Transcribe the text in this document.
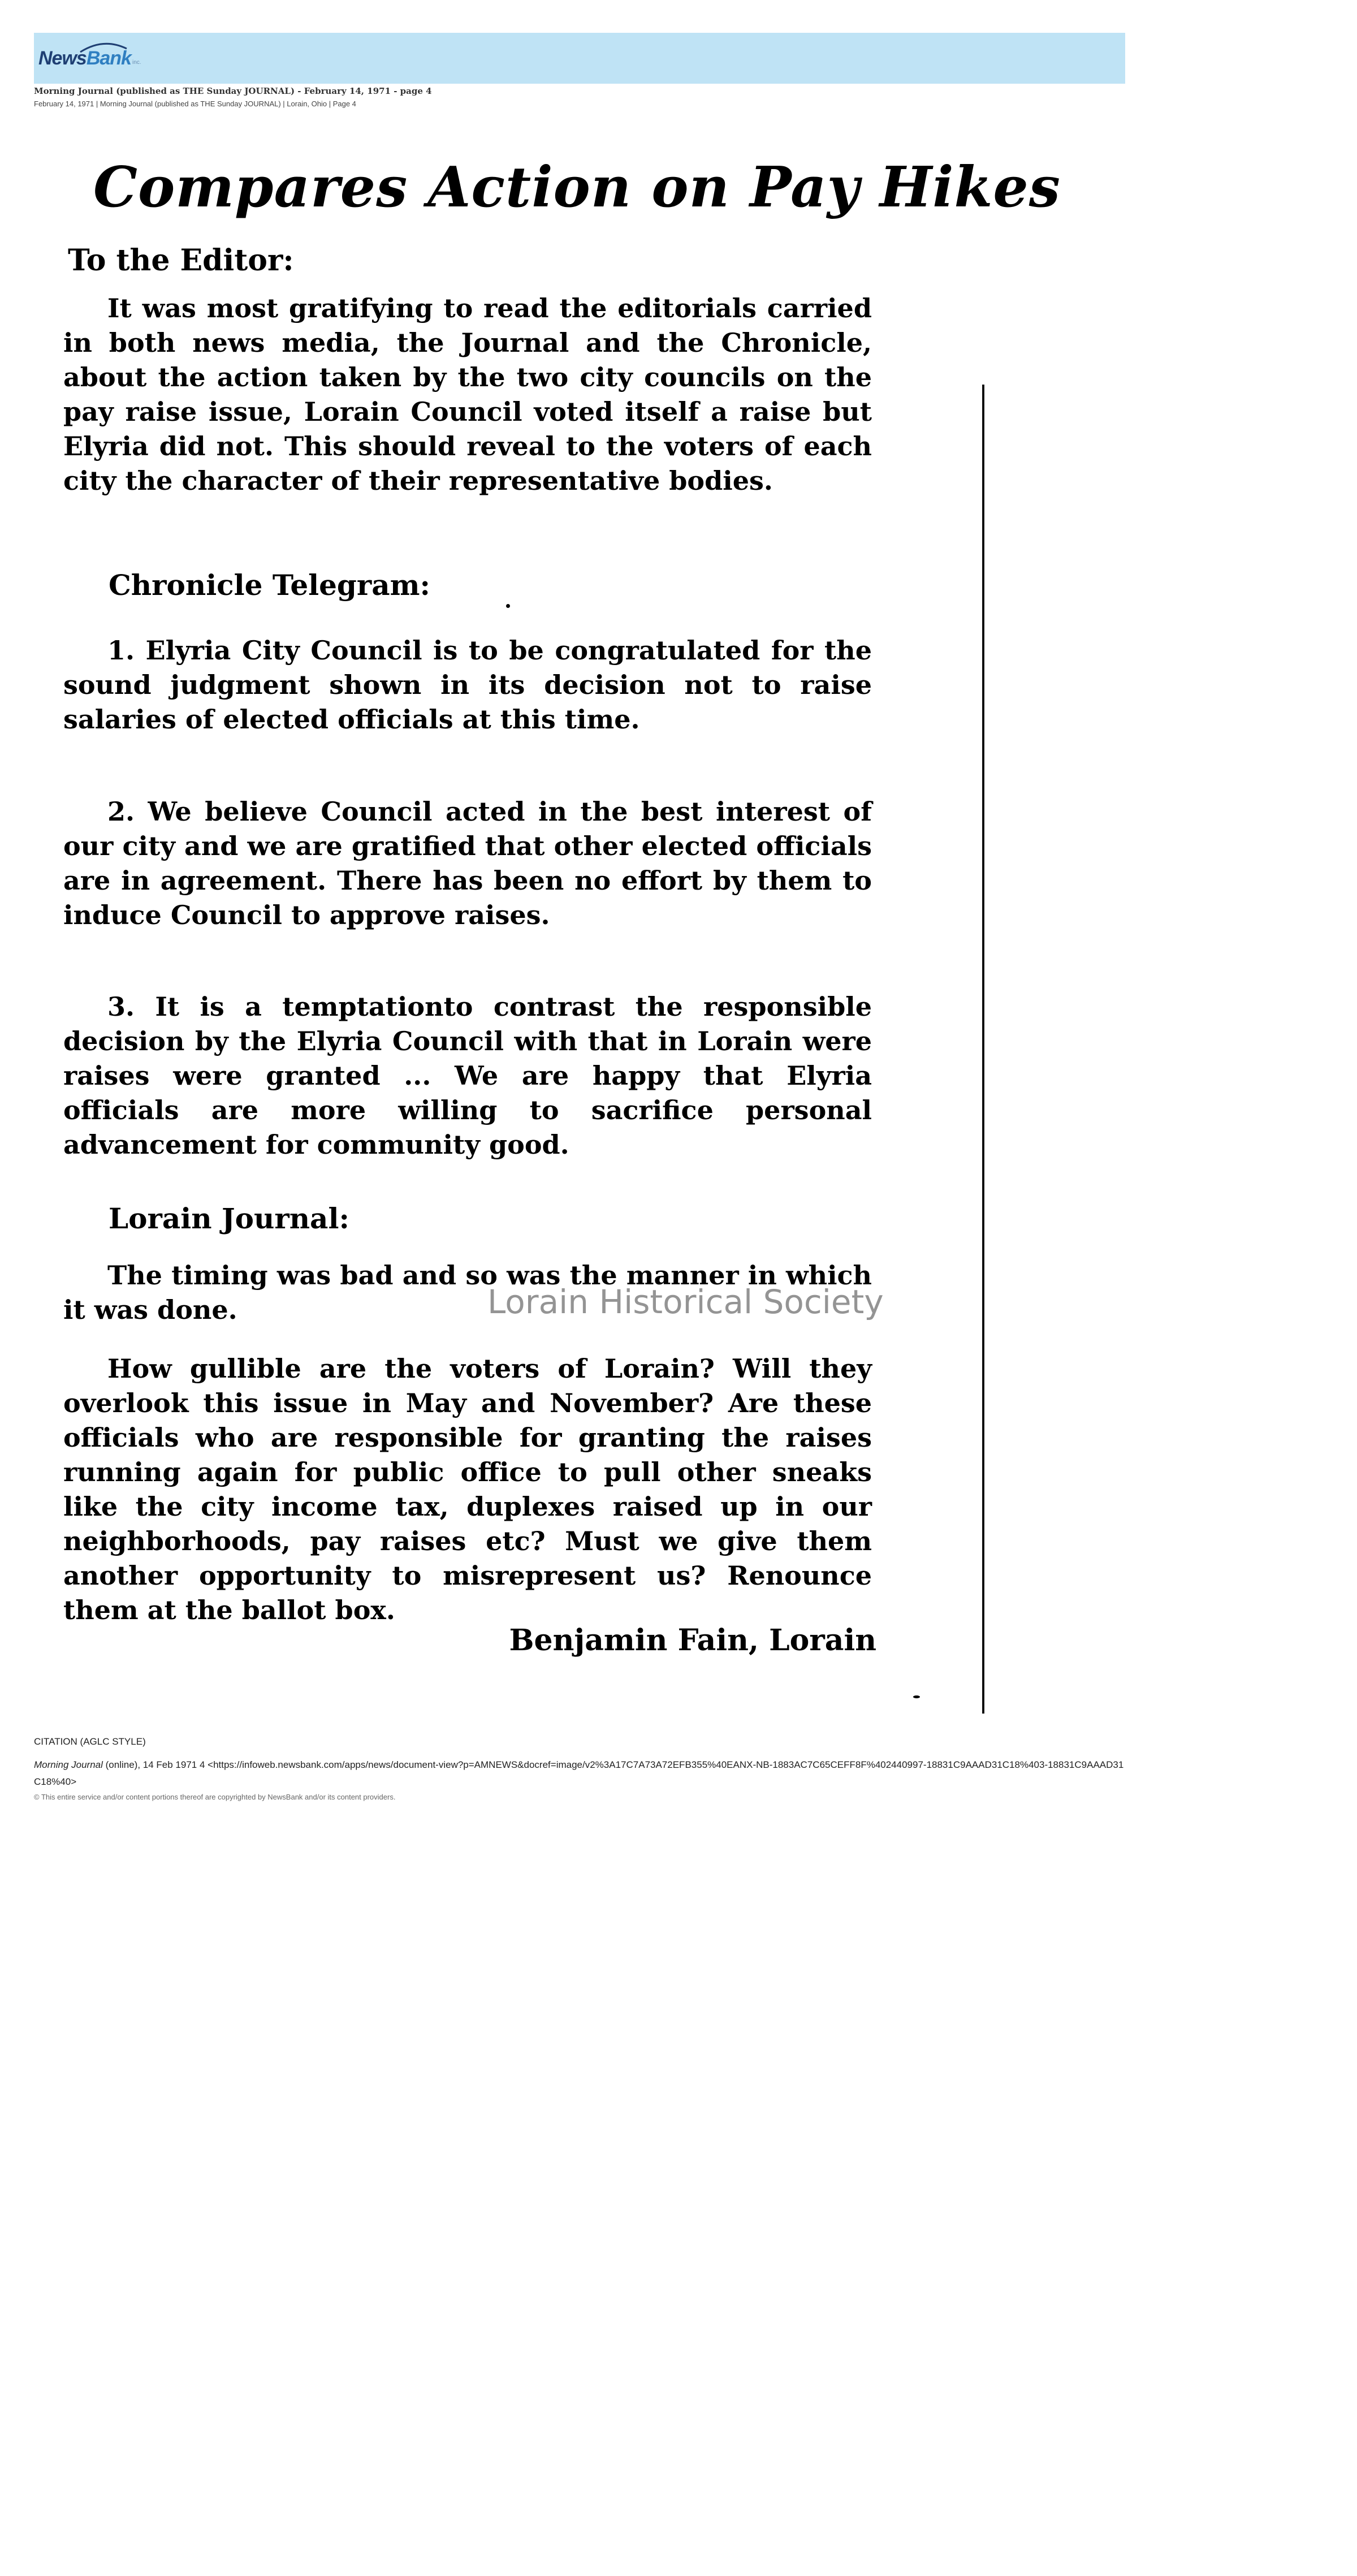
News Bank inc.
Morning Journal (published as THE Sunday JOURNAL) - February 14, 1971 - page 4
February 14, 1971 | Morning Journal (published as THE Sunday JOURNAL) | Lorain, Ohio | Page 4
Compares Action on Pay Hikes
To the Editor:
It was most gratifying to read the editorials carried in both news media, the Journal and the Chronicle, about the action taken by the two city councils on the pay raise issue, Lorain Council voted itself a raise but Elyria did not. This should reveal to the voters of each city the character of their representative bodies.
Chronicle Telegram:
1. Elyria City Council is to be congratulated for the sound judgment shown in its decision not to raise salaries of elected officials at this time.
2. We believe Council acted in the best interest of our city and we are gratified that other elected officials are in agreement. There has been no effort by them to induce Council to approve raises.
3. It is a temptationto contrast the responsible decision by the Elyria Council with that in Lorain were raises were granted ... We are happy that Elyria officials are more willing to sacrifice personal advancement for community good.
Lorain Journal:
The timing was bad and so was the manner in which it was done.
How gullible are the voters of Lorain? Will they overlook this issue in May and November? Are these officials who are responsible for granting the raises running again for public office to pull other sneaks like the city income tax, duplexes raised up in our neighborhoods, pay raises etc? Must we give them another opportunity to misrepresent us? Renounce them at the ballot box.
Benjamin Fain, Lorain
Lorain Historical Society
CITATION (AGLC STYLE)
Morning Journal (online), 14 Feb 1971 4 <https://infoweb.newsbank.com/apps/news/document-view?p=AMNEWS&docref=image/v2%3A17C7A73A72EFB355%40EANX-NB-1883AC7C65CEFF8F%402440997-18831C9AAAD31C18%403-18831C9AAAD31C18%40>
© This entire service and/or content portions thereof are copyrighted by NewsBank and/or its content providers.
